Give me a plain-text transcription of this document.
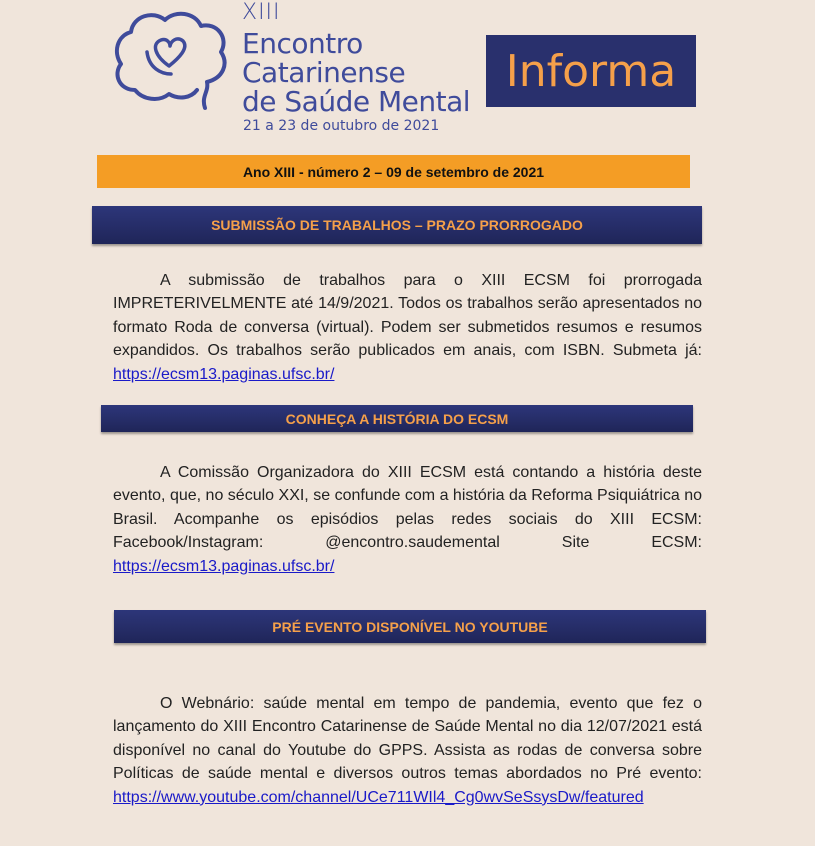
XIII
Encontro
Catarinense
de Saúde Mental
21 a 23 de outubro de 2021
Informa
Ano XIII - número 2 – 09 de setembro de 2021
SUBMISSÃO DE TRABALHOS – PRAZO PRORROGADO
A submissão de trabalhos para o XIII ECSM foi prorrogada IMPRETERIVELMENTE até 14/9/2021. Todos os trabalhos serão apresentados no formato Roda de conversa (virtual). Podem ser submetidos resumos e resumos expandidos. Os trabalhos serão publicados em anais, com ISBN. Submeta já: https://ecsm13.paginas.ufsc.br/
CONHEÇA A HISTÓRIA DO ECSM
A Comissão Organizadora do XIII ECSM está contando a história deste evento, que, no século XXI, se confunde com a história da Reforma Psiquiátrica no Brasil. Acompanhe os episódios pelas redes sociais do XIII ECSM: Facebook/Instagram: @encontro.saudemental Site ECSM: https://ecsm13.paginas.ufsc.br/
PRÉ EVENTO DISPONÍVEL NO YOUTUBE
O Webnário: saúde mental em tempo de pandemia, evento que fez o lançamento do XIII Encontro Catarinense de Saúde Mental no dia 12/07/2021 está disponível no canal do Youtube do GPPS. Assista as rodas de conversa sobre Políticas de saúde mental e diversos outros temas abordados no Pré evento: https://www.youtube.com/channel/UCe711WIl4_Cg0wvSeSsysDw/featured
